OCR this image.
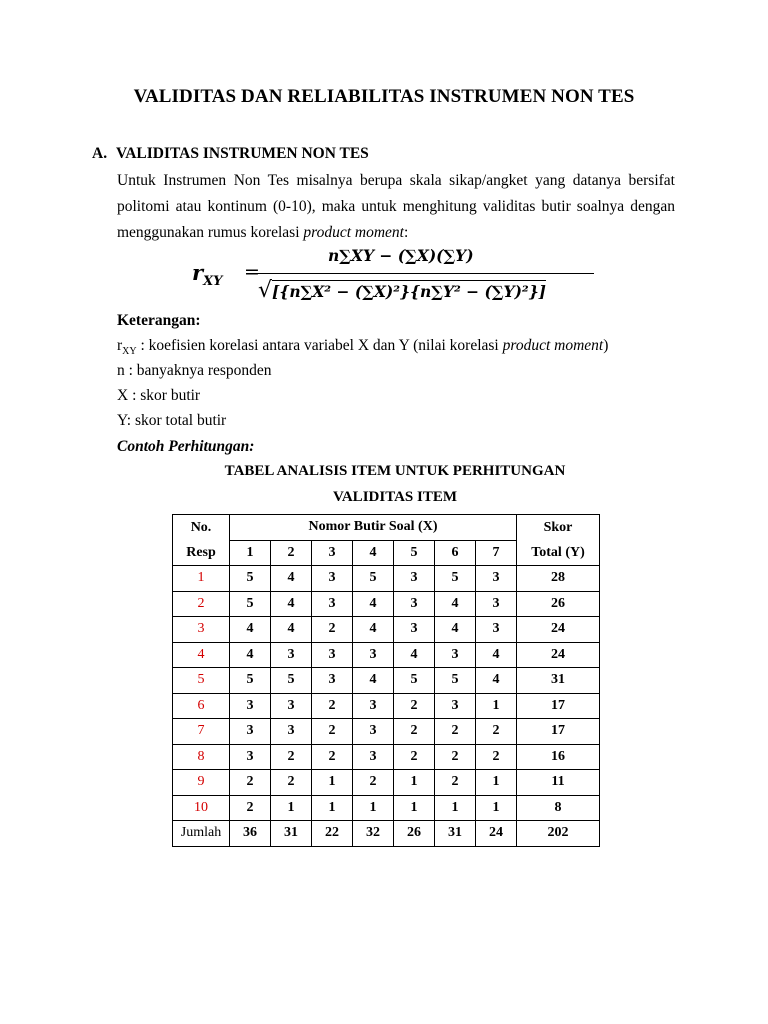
VALIDITAS DAN RELIABILITAS INSTRUMEN NON TES
A. VALIDITAS INSTRUMEN NON TES
Untuk Instrumen Non Tes misalnya berupa skala sikap/angket yang datanya bersifat politomi atau kontinum (0-10), maka untuk menghitung validitas butir soalnya dengan menggunakan rumus korelasi product moment:
$r_{XY}$ =
n∑XY − (∑X)(∑Y)
√[{n∑X² − (∑X)²}{n∑Y² − (∑Y)²}]
Keterangan:
$r_{XY}$ : koefisien korelasi antara variabel X dan Y (nilai korelasi product moment)
n : banyaknya responden
X : skor butir
Y: skor total butir
Contoh Perhitungan:
TABEL ANALISIS ITEM UNTUK PERHITUNGAN
VALIDITAS ITEM
No.	Nomor Butir Soal (X)							Skor
Resp	1	2	3	4	5	6	7	Total (Y)
1	5	4	3	5	3	5	3	28
2	5	4	3	4	3	4	3	26
3	4	4	2	4	3	4	3	24
4	4	3	3	3	4	3	4	24
5	5	5	3	4	5	5	4	31
6	3	3	2	3	2	3	1	17
7	3	3	2	3	2	2	2	17
8	3	2	2	3	2	2	2	16
9	2	2	1	2	1	2	1	11
10	2	1	1	1	1	1	1	8
Jumlah	36	31	22	32	26	31	24	202
